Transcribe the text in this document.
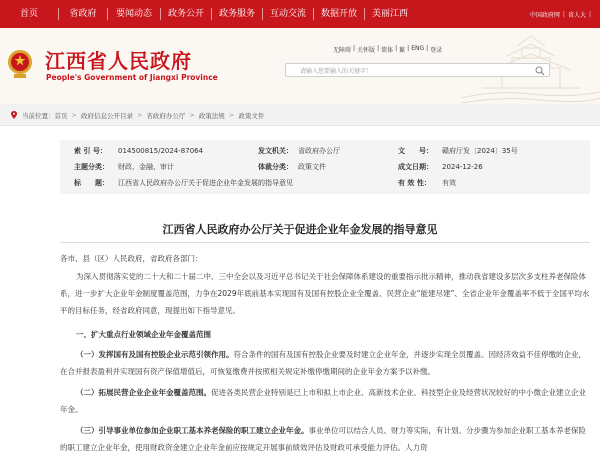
首页	省政府	要闻动态	政务公开	政务服务	互动交流	数据开放	美丽江西	中国政府网 | 省人大 |
江西省人民政府
People's Government of Jiangxi Province
无障碍 | 关怀版 | 简体 | 繁 | ENG | 登录
请输入您要输入的关键字！
当前位置： 首页 > 政府信息公开目录 > 省政府办公厅 > 政策法规 > 政策文件
索 引 号： 014500815/2024-87064	发文机关： 省政府办公厅	文　　号： 赣府厅发〔2024〕35号
主题分类： 财政、金融、审计	体裁分类： 政策文件	成文日期： 2024-12-26
标　　题： 江西省人民政府办公厅关于促进企业年金发展的指导意见	有 效 性： 有效
江西省人民政府办公厅关于促进企业年金发展的指导意见
各市、县（区）人民政府，省政府各部门：
为深入贯彻落实党的二十大和二十届二中、三中全会以及习近平总书记关于社会保障体系建设的重要指示批示精神，推动我省建设多层次多支柱养老保险体系，进一步扩大企业年金制度覆盖范围，力争在2029年底前基本实现国有及国有控股企业全覆盖、民营企业“能建尽建”、全省企业年金覆盖率不低于全国平均水平的目标任务，经省政府同意，现提出如下指导意见。
一、扩大重点行业领域企业年金覆盖范围
（一）发挥国有及国有控股企业示范引领作用。符合条件的国有及国有控股企业要及时建立企业年金，并逐步实现全员覆盖。因经济效益不佳停缴的企业，在合并报表盈利并实现国有资产保值增值后，可恢复缴费并按照相关规定补缴停缴期间的企业年金方案予以补缴。
（二）拓展民营企业企业年金覆盖范围。促进各类民营企业特别是已上市和拟上市企业、高新技术企业、科技型企业及经营状况较好的中小微企业建立企业年金。
（三）引导事业单位参加企业职工基本养老保险的职工建立企业年金。事业单位可以结合人员、财力等实际，有计划、分步骤为参加企业职工基本养老保险的职工建立企业年金，使用财政资金建立企业年金前应按规定开展事前绩效评估及财政可承受能力评估。人力资
